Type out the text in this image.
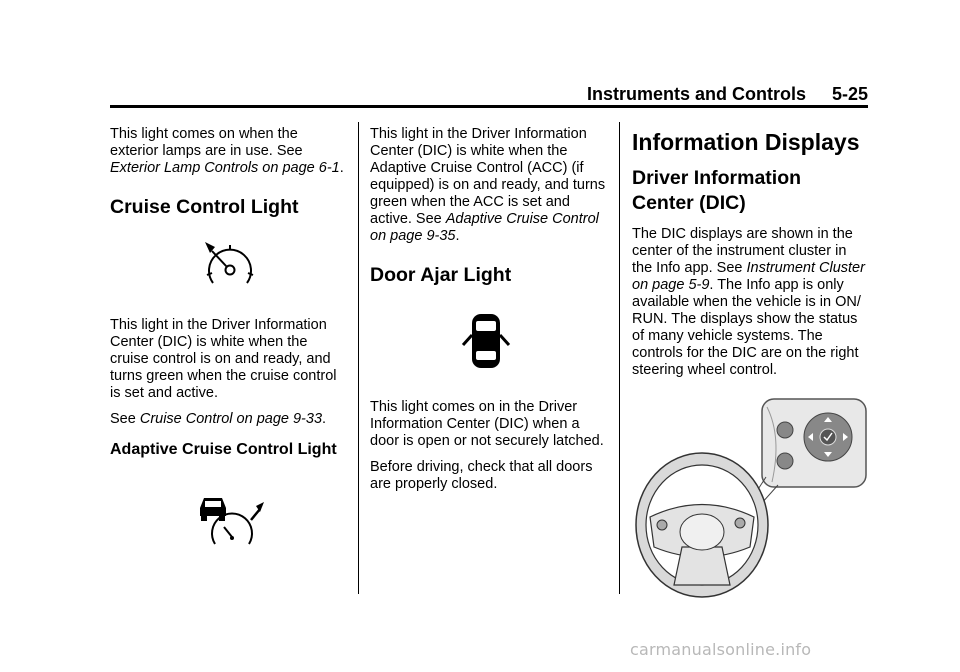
Instruments and Controls 5-25

This light comes on when the exterior lamps are in use. See Exterior Lamp Controls on page 6-1.

Cruise Control Light

This light in the Driver Information Center (DIC) is white when the cruise control is on and ready, and turns green when the cruise control is set and active.

See Cruise Control on page 9-33.

Adaptive Cruise Control Light

This light in the Driver Information Center (DIC) is white when the Adaptive Cruise Control (ACC) (if equipped) is on and ready, and turns green when the ACC is set and active. See Adaptive Cruise Control on page 9-35.

Door Ajar Light

This light comes on in the Driver Information Center (DIC) when a door is open or not securely latched.

Before driving, check that all doors are properly closed.

Information Displays
Driver Information Center (DIC)

The DIC displays are shown in the center of the instrument cluster in the Info app. See Instrument Cluster on page 5-9. The Info app is only available when the vehicle is in ON/ RUN. The displays show the status of many vehicle systems. The controls for the DIC are on the right steering wheel control.

carmanualsonline.info
